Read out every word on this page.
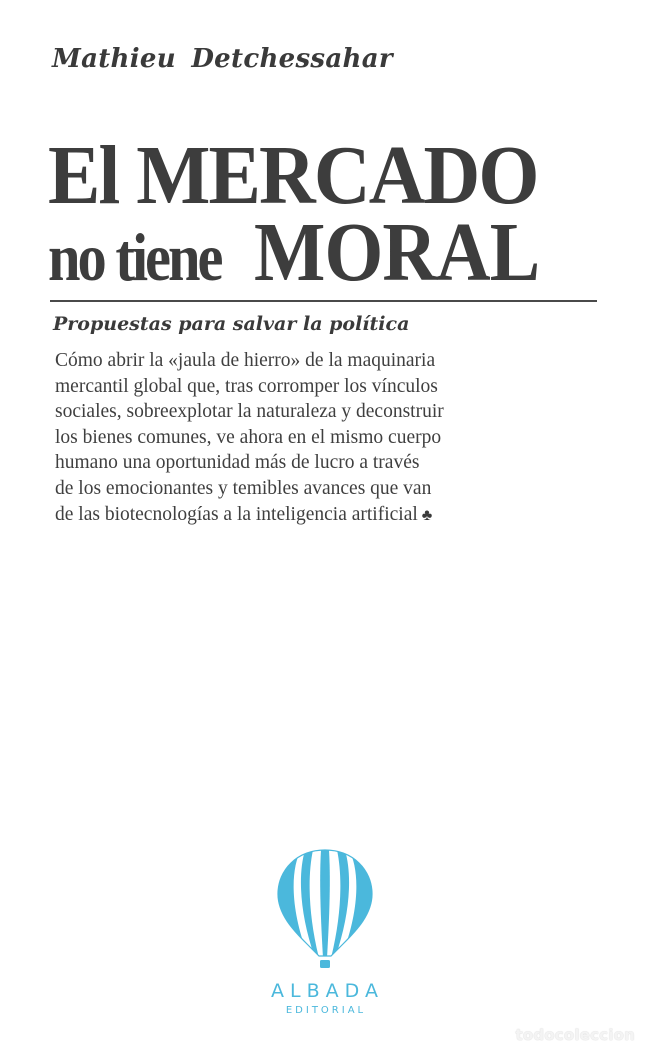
Mathieu Detchessahar
El MERCADO
no tiene MORAL
Propuestas para salvar la política
Cómo abrir la «jaula de hierro» de la maquinaria
mercantil global que, tras corromper los vínculos
sociales, sobreexplotar la naturaleza y deconstruir
los bienes comunes, ve ahora en el mismo cuerpo
humano una oportunidad más de lucro a través
de los emocionantes y temibles avances que van
de las biotecnologías a la inteligencia artificial ♣
ALBADA
EDITORIAL
todocoleccion
